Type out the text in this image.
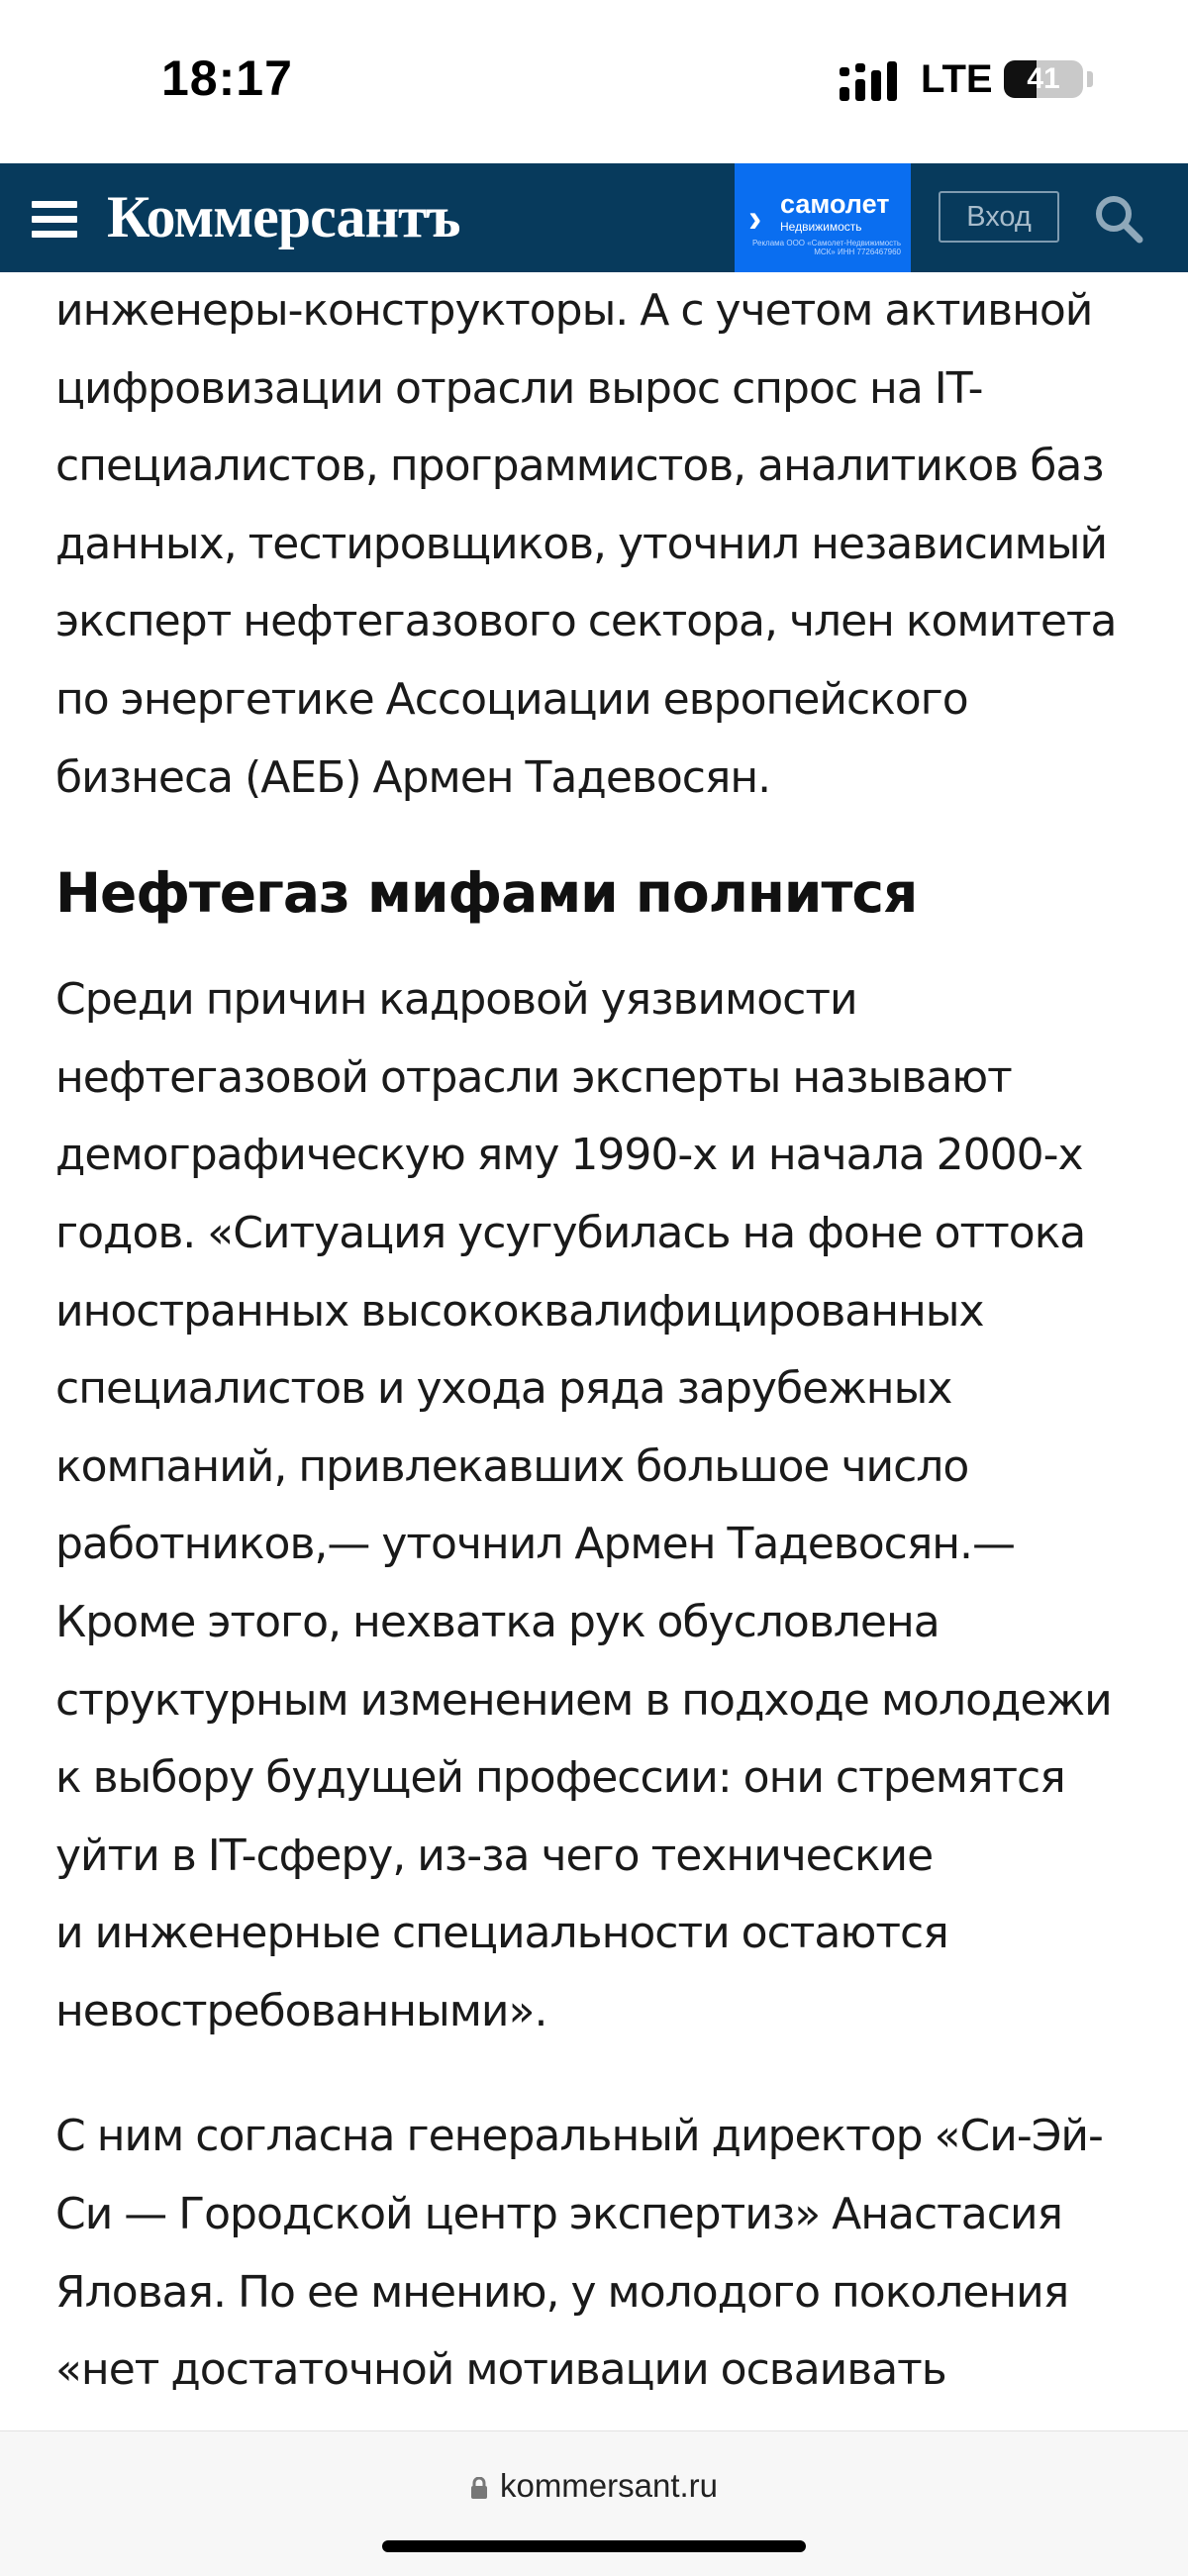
18:17	LTE	41
Коммерсантъ	› самолет
Недвижимость
Реклама ООО «Самолет-Недвижимость МСК» ИНН 7726467960
Вход

инженеры-конструкторы. А с учетом активной
цифровизации отрасли вырос спрос на IT-
специалистов, программистов, аналитиков баз
данных, тестировщиков, уточнил независимый
эксперт нефтегазового сектора, член комитета
по энергетике Ассоциации европейского
бизнеса (АЕБ) Армен Тадевосян.

Нефтегаз мифами полнится

Среди причин кадровой уязвимости
нефтегазовой отрасли эксперты называют
демографическую яму 1990-х и начала 2000-х
годов. «Ситуация усугубилась на фоне оттока
иностранных высококвалифицированных
специалистов и ухода ряда зарубежных
компаний, привлекавших большое число
работников,— уточнил Армен Тадевосян.—
Кроме этого, нехватка рук обусловлена
структурным изменением в подходе молодежи
к выбору будущей профессии: они стремятся
уйти в IT-сферу, из-за чего технические
и инженерные специальности остаются
невостребованными».

С ним согласна генеральный директор «Си-Эй-
Си — Городской центр экспертиз» Анастасия
Яловая. По ее мнению, у молодого поколения
«нет достаточной мотивации осваивать

kommersant.ru
